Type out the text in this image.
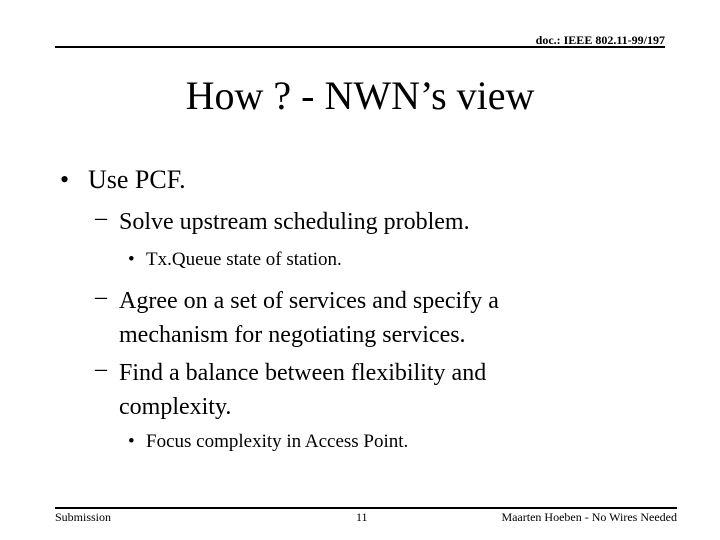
doc.: IEEE 802.11-99/197
How ? - NWN’s view
• Use PCF.
– Solve upstream scheduling problem.
• Tx.Queue state of station.
– Agree on a set of services and specify a
mechanism for negotiating services.
– Find a balance between flexibility and
complexity.
• Focus complexity in Access Point.
Submission	11	Maarten Hoeben - No Wires Needed
